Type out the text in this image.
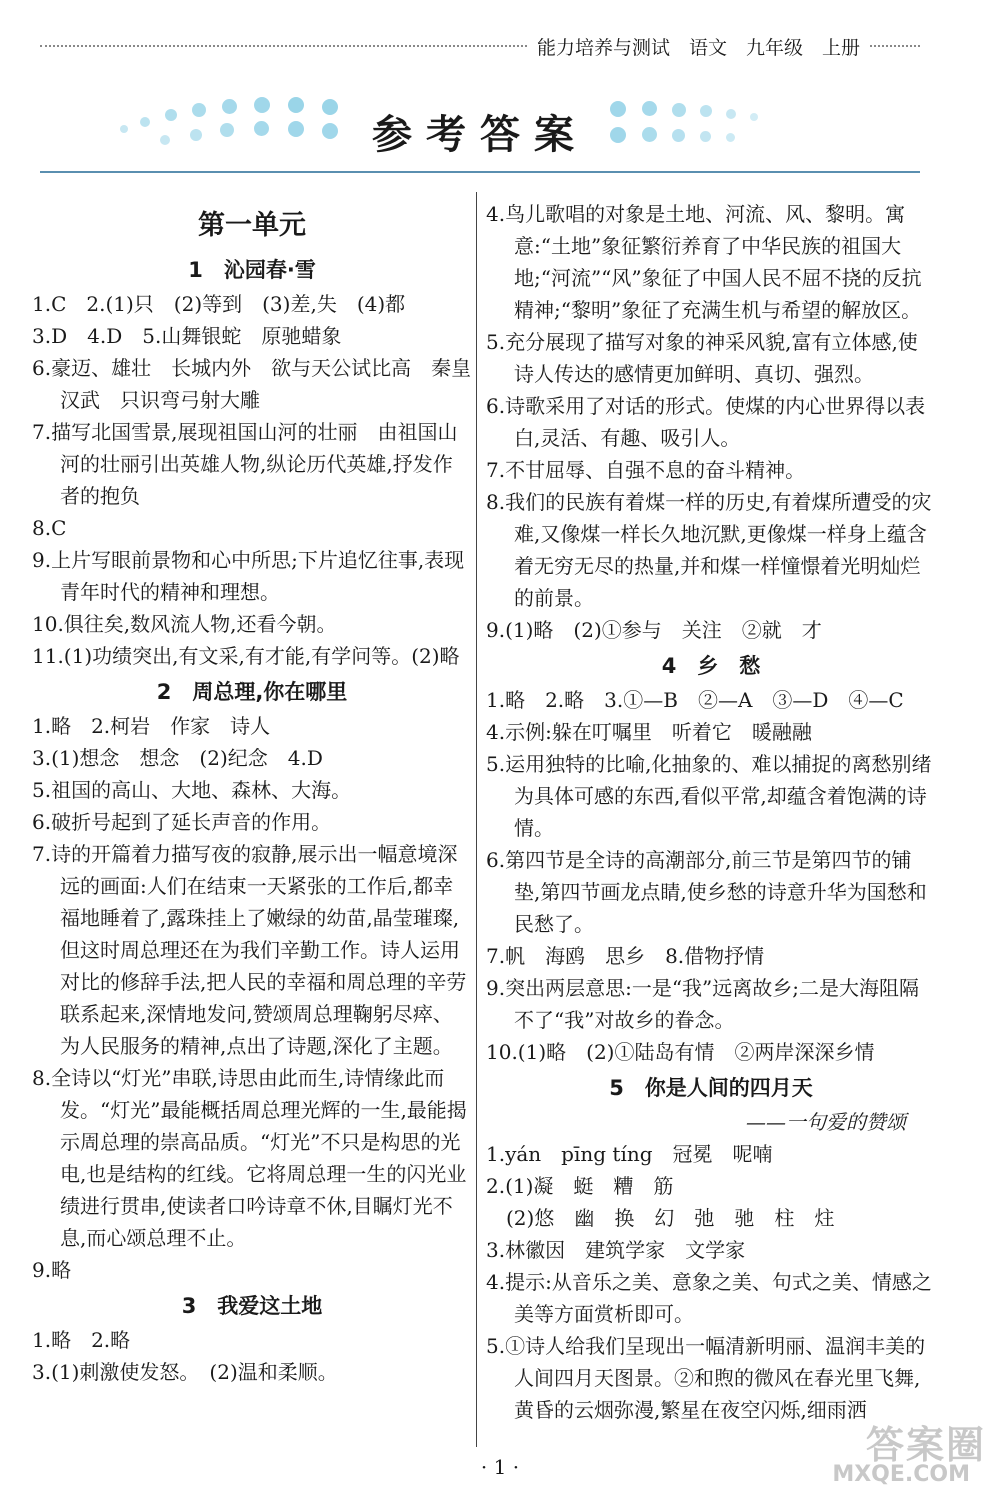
能力培养与测试　语文　九年级　上册
参考答案
第一单元
1　沁园春·雪

1.C　2.(1)只　(2)等到　(3)差,失　(4)都

3.D　4.D　5.山舞银蛇　原驰蜡象

6.豪迈、雄壮　长城内外　欲与天公试比高　秦皇汉武　只识弯弓射大雕

7.描写北国雪景,展现祖国山河的壮丽　由祖国山河的壮丽引出英雄人物,纵论历代英雄,抒发作者的抱负

8.C

9.上片写眼前景物和心中所思;下片追忆往事,表现青年时代的精神和理想。

10.俱往矣,数风流人物,还看今朝。

11.(1)功绩突出,有文采,有才能,有学问等。(2)略

2　周总理,你在哪里

1.略　2.柯岩　作家　诗人

3.(1)想念　想念　(2)纪念　4.D

5.祖国的高山、大地、森林、大海。

6.破折号起到了延长声音的作用。

7.诗的开篇着力描写夜的寂静,展示出一幅意境深远的画面:人们在结束一天紧张的工作后,都幸福地睡着了,露珠挂上了嫩绿的幼苗,晶莹璀璨,但这时周总理还在为我们辛勤工作。诗人运用对比的修辞手法,把人民的幸福和周总理的辛劳联系起来,深情地发问,赞颂周总理鞠躬尽瘁、为人民服务的精神,点出了诗题,深化了主题。

8.全诗以“灯光”串联,诗思由此而生,诗情缘此而发。“灯光”最能概括周总理光辉的一生,最能揭示周总理的崇高品质。“灯光”不只是构思的光电,也是结构的红线。它将周总理一生的闪光业绩进行贯串,使读者口吟诗章不休,目瞩灯光不息,而心颂总理不止。

9.略

3　我爱这土地

1.略　2.略

3.(1)刺激使发怒。　(2)温和柔顺。

4.鸟儿歌唱的对象是土地、河流、风、黎明。寓意:“土地”象征繁衍养育了中华民族的祖国大地;“河流”“风”象征了中国人民不屈不挠的反抗精神;“黎明”象征了充满生机与希望的解放区。

5.充分展现了描写对象的神采风貌,富有立体感,使诗人传达的感情更加鲜明、真切、强烈。

6.诗歌采用了对话的形式。使煤的内心世界得以表白,灵活、有趣、吸引人。

7.不甘屈辱、自强不息的奋斗精神。

8.我们的民族有着煤一样的历史,有着煤所遭受的灾难,又像煤一样长久地沉默,更像煤一样身上蕴含着无穷无尽的热量,并和煤一样憧憬着光明灿烂的前景。

9.(1)略　(2)①参与　关注　②就　才

4　乡　愁

1.略　2.略　3.①—B　②—A　③—D　④—C

4.示例:躲在叮嘱里　听着它　暖融融

5.运用独特的比喻,化抽象的、难以捕捉的离愁别绪为具体可感的东西,看似平常,却蕴含着饱满的诗情。

6.第四节是全诗的高潮部分,前三节是第四节的铺垫,第四节画龙点睛,使乡愁的诗意升华为国愁和民愁了。

7.帆　海鸥　思乡　8.借物抒情

9.突出两层意思:一是“我”远离故乡;二是大海阻隔不了“我”对故乡的眷念。

10.(1)略　(2)①陆岛有情　②两岸深深乡情

5　你是人间的四月天
——一句爱的赞颂

1.yán　pīng tíng　冠冕　呢喃

2.(1)凝　蜓　糟　筋

　(2)悠　幽　换　幻　弛　驰　柱　炷

3.林徽因　建筑学家　文学家

4.提示:从音乐之美、意象之美、句式之美、情感之美等方面赏析即可。

5.①诗人给我们呈现出一幅清新明丽、温润丰美的人间四月天图景。②和煦的微风在春光里飞舞,黄昏的云烟弥漫,繁星在夜空闪烁,细雨洒

· 1 ·	答案圈
MXQE.COM
